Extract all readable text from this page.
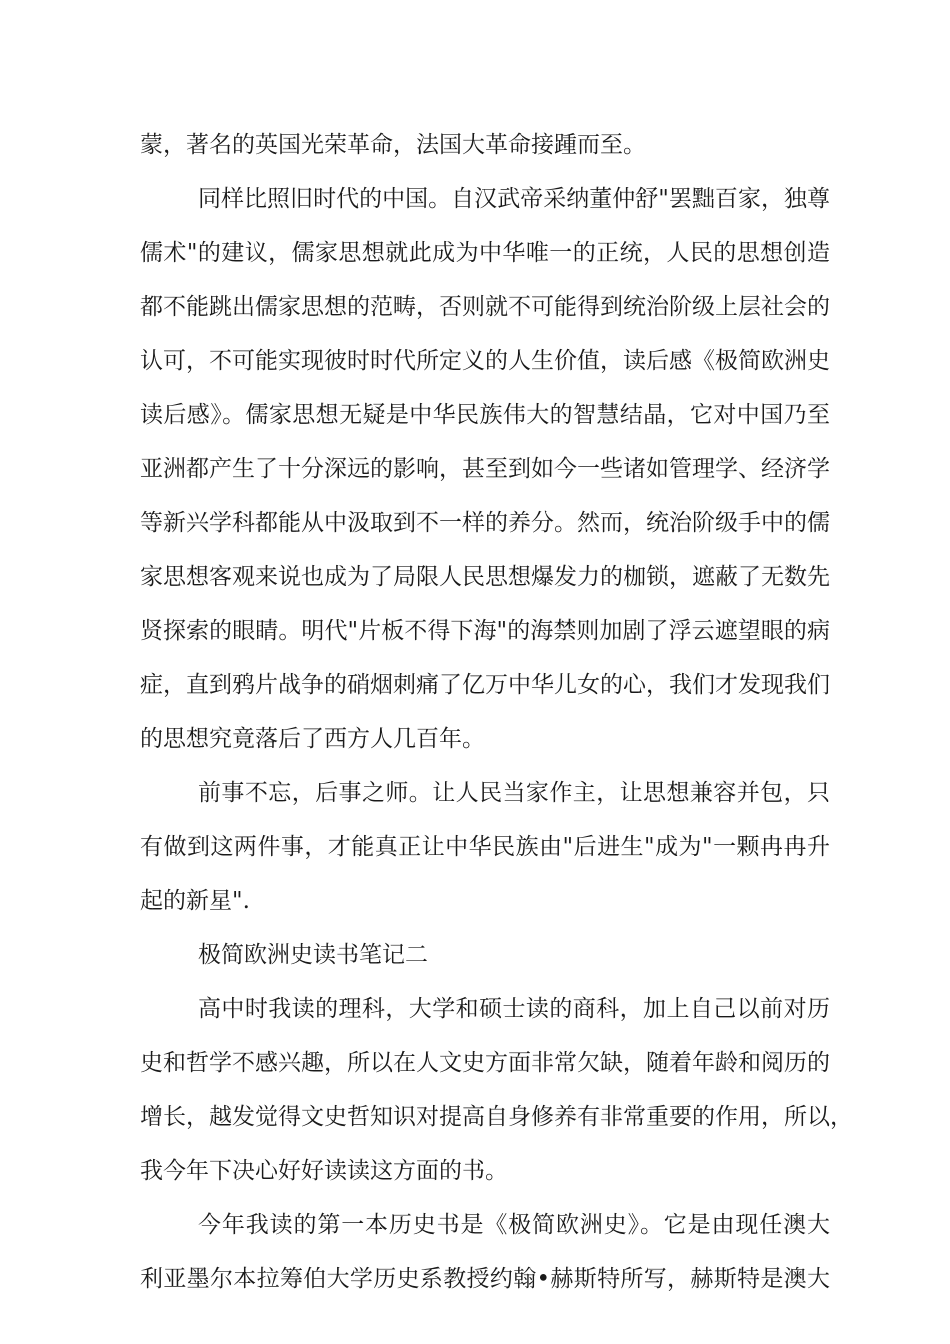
蒙，著名的英国光荣革命，法国大革命接踵而至。
同样比照旧时代的中国。自汉武帝采纳董仲舒"罢黜百家，独尊
儒术"的建议，儒家思想就此成为中华唯一的正统，人民的思想创造
都不能跳出儒家思想的范畴，否则就不可能得到统治阶级上层社会的
认可，不可能实现彼时时代所定义的人生价值，读后感《极简欧洲史
读后感》。儒家思想无疑是中华民族伟大的智慧结晶，它对中国乃至
亚洲都产生了十分深远的影响，甚至到如今一些诸如管理学、经济学
等新兴学科都能从中汲取到不一样的养分。然而，统治阶级手中的儒
家思想客观来说也成为了局限人民思想爆发力的枷锁，遮蔽了无数先
贤探索的眼睛。明代"片板不得下海"的海禁则加剧了浮云遮望眼的病
症，直到鸦片战争的硝烟刺痛了亿万中华儿女的心，我们才发现我们
的思想究竟落后了西方人几百年。
前事不忘，后事之师。让人民当家作主，让思想兼容并包，只
有做到这两件事，才能真正让中华民族由"后进生"成为"一颗冉冉升
起的新星".
极简欧洲史读书笔记二
高中时我读的理科，大学和硕士读的商科，加上自己以前对历
史和哲学不感兴趣，所以在人文史方面非常欠缺，随着年龄和阅历的
增长，越发觉得文史哲知识对提高自身修养有非常重要的作用，所以，
我今年下决心好好读读这方面的书。
今年我读的第一本历史书是《极简欧洲史》。它是由现任澳大
利亚墨尔本拉筹伯大学历史系教授约翰•赫斯特所写，赫斯特是澳大
